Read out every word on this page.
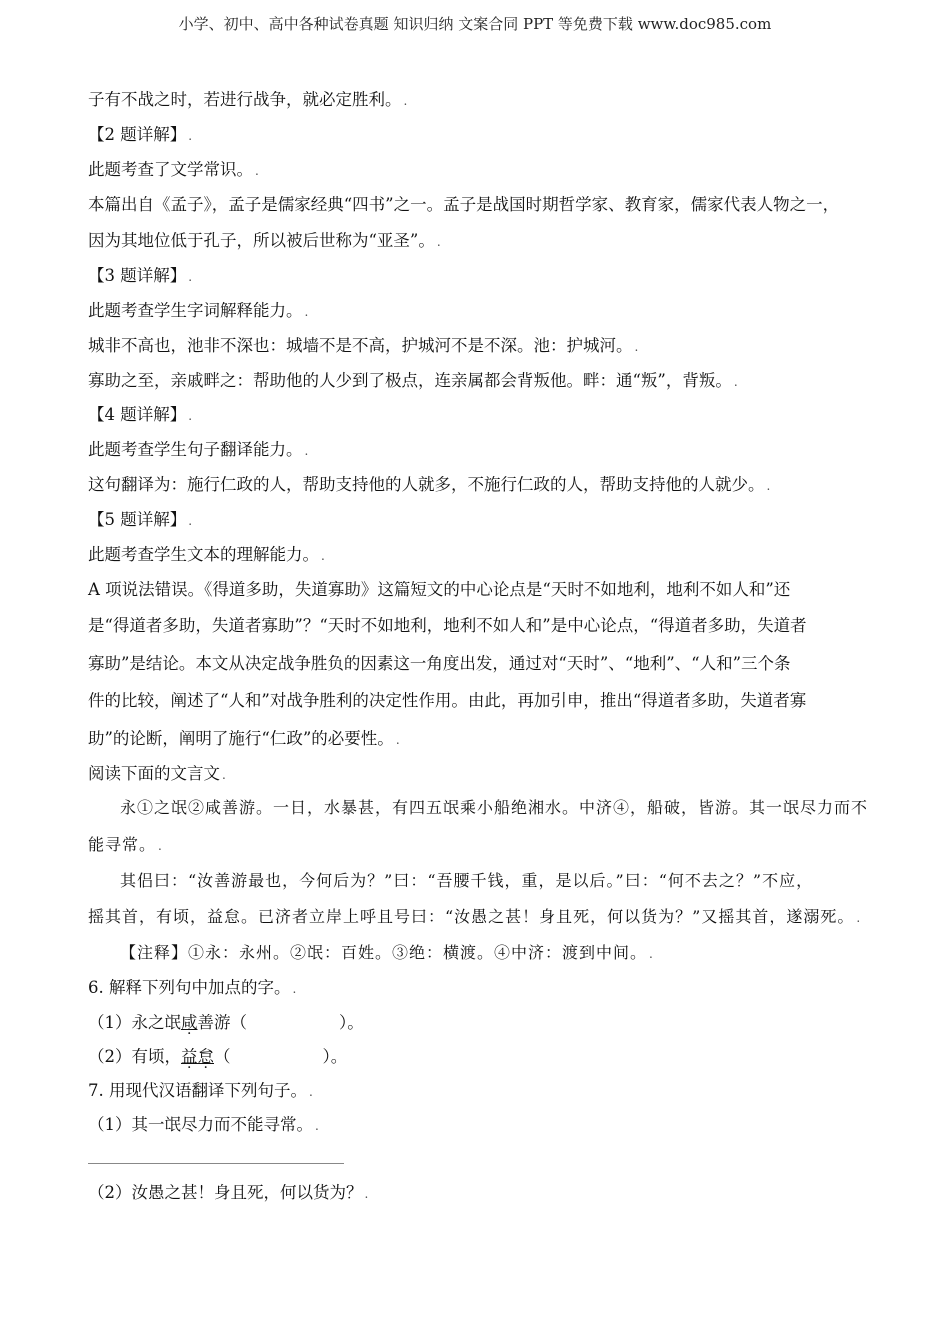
小学、初中、高中各种试卷真题 知识归纳 文案合同 PPT 等免费下载 www.doc985.com
子有不战之时，若进行战争，就必定胜利。 .
【2 题详解】 .
此题考查了文学常识。 .
本篇出自《孟子》，孟子是儒家经典“四书”之一。孟子是战国时期哲学家、教育家，儒家代表人物之一，
因为其地位低于孔子，所以被后世称为“亚圣”。 .
【3 题详解】 .
此题考查学生字词解释能力。 .
城非不高也，池非不深也：城墙不是不高，护城河不是不深。池：护城河。 .
寡助之至，亲戚畔之：帮助他的人少到了极点，连亲属都会背叛他。畔：通“叛”，背叛。 .
【4 题详解】 .
此题考查学生句子翻译能力。 .
这句翻译为：施行仁政的人，帮助支持他的人就多，不施行仁政的人，帮助支持他的人就少。 .
【5 题详解】 .
此题考查学生文本的理解能力。 .
A 项说法错误。《得道多助，失道寡助》这篇短文的中心论点是“天时不如地利，地利不如人和”还
是“得道者多助，失道者寡助”？“天时不如地利，地利不如人和”是中心论点，“得道者多助，失道者
寡助”是结论。本文从决定战争胜负的因素这一角度出发，通过对“天时”、“地利”、“人和”三个条
件的比较，阐述了“人和”对战争胜利的决定性作用。由此，再加引申，推出“得道者多助，失道者寡
助”的论断，阐明了施行“仁政”的必要性。 .
阅读下面的文言文 .
永①之氓②咸善游。一日，水暴甚，有四五氓乘小船绝湘水。中济④，船破，皆游。其一氓尽力而不
能寻常。 .
其侣曰：“汝善游最也，今何后为？”曰：“吾腰千钱，重，是以后。”曰：“何不去之？”不应，
摇其首，有顷，益怠。已济者立岸上呼且号曰：“汝愚之甚！身且死，何以货为？”又摇其首，遂溺死。 .
【注释】①永：永州。②氓：百姓。③绝：横渡。④中济：渡到中间。 .
6. 解释下列句中加点的字。 .
（1）永之氓咸善游（	）。
（2）有顷，益怠（	）。
7. 用现代汉语翻译下列句子。 .
（1）其一氓尽力而不能寻常。 .
（2）汝愚之甚！身且死，何以货为？ .
